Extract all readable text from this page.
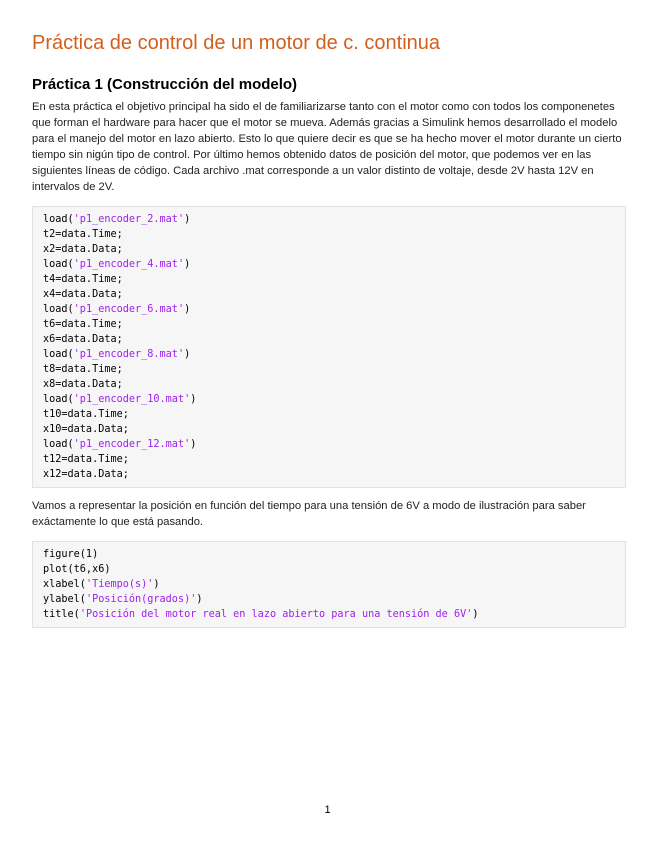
Práctica de control de un motor de c. continua
Práctica 1 (Construcción del modelo)

En esta práctica el objetivo principal ha sido el de familiarizarse tanto con el motor como con todos los componenetes que forman el hardware para hacer que el motor se mueva. Además gracias a Simulink hemos desarrollado el modelo para el manejo del motor en lazo abierto. Esto lo que quiere decir es que se ha hecho mover el motor durante un cierto tiempo sin nigún tipo de control. Por último hemos obtenido datos de posición del motor, que podemos ver en las siguientes líneas de código. Cada archivo .mat corresponde a un valor distinto de voltaje, desde 2V hasta 12V en intervalos de 2V.

load('p1_encoder_2.mat')
t2=data.Time;
x2=data.Data;
load('p1_encoder_4.mat')
t4=data.Time;
x4=data.Data;
load('p1_encoder_6.mat')
t6=data.Time;
x6=data.Data;
load('p1_encoder_8.mat')
t8=data.Time;
x8=data.Data;
load('p1_encoder_10.mat')
t10=data.Time;
x10=data.Data;
load('p1_encoder_12.mat')
t12=data.Time;
x12=data.Data;

Vamos a representar la posición en función del tiempo para una tensión de 6V a modo de ilustración para saber exáctamente lo que está pasando.

figure(1)
plot(t6,x6)
xlabel('Tiempo(s)')
ylabel('Posición(grados)')
title('Posición del motor real en lazo abierto para una tensión de 6V')
1
